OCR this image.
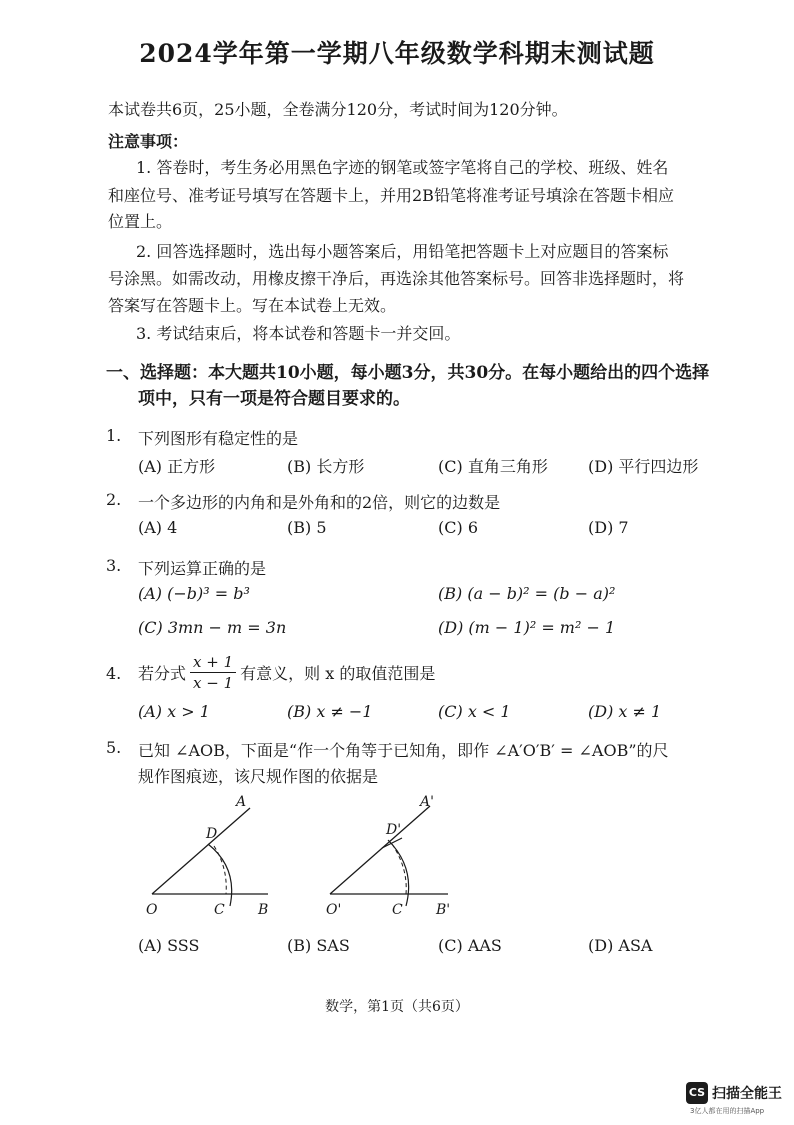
2024学年第一学期八年级数学科期末测试题
本试卷共6页，25小题，全卷满分120分，考试时间为120分钟。
注意事项：
1. 答卷时，考生务必用黑色字迹的钢笔或签字笔将自己的学校、班级、姓名
和座位号、准考证号填写在答题卡上，并用2B铅笔将准考证号填涂在答题卡相应
位置上。
2. 回答选择题时，选出每小题答案后，用铅笔把答题卡上对应题目的答案标
号涂黑。如需改动，用橡皮擦干净后，再选涂其他答案标号。回答非选择题时，将
答案写在答题卡上。写在本试卷上无效。
3. 考试结束后，将本试卷和答题卡一并交回。
一、选择题：本大题共10小题，每小题3分，共30分。在每小题给出的四个选择
项中，只有一项是符合题目要求的。
1. 下列图形有稳定性的是
(A) 正方形	(B) 长方形	(C) 直角三角形	(D) 平行四边形
2. 一个多边形的内角和是外角和的2倍，则它的边数是
(A) 4	(B) 5	(C) 6	(D) 7
3. 下列运算正确的是
(A) (−b)³ = b³	(B) (a − b)² = (b − a)²
(C) 3mn − m = 3n	(D) (m − 1)² = m² − 1
4. 若分式 $\frac{x + 1}{x - 1}$ 有意义，则 x 的取值范围是
(A) x > 1	(B) x ≠ −1	(C) x < 1	(D) x ≠ 1
5. 已知 ∠AOB，下面是“作一个角等于已知角，即作 ∠A′O′B′ = ∠AOB”的尺
规作图痕迹，该尺规作图的依据是
A
D
O	C B
A'
D'
O'	C B'
(A) SSS	(B) SAS	(C) AAS	(D) ASA
数学，第1页（共6页）
CS 扫描全能王
3亿人都在用的扫描App
